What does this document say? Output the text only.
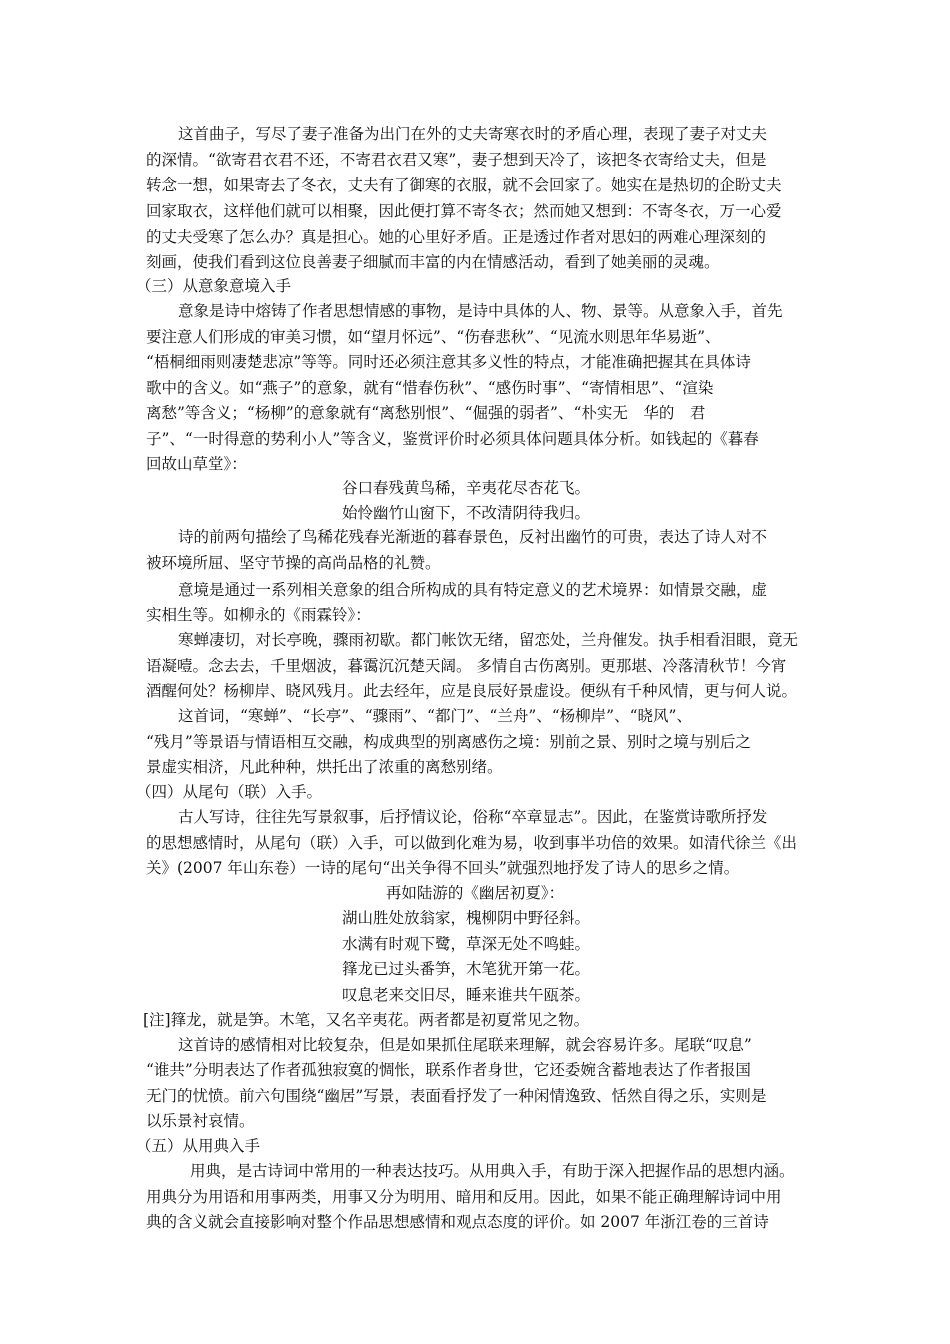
这首曲子，写尽了妻子准备为出门在外的丈夫寄寒衣时的矛盾心理，表现了妻子对丈夫
的深情。“欲寄君衣君不还，不寄君衣君又寒”，妻子想到天冷了，该把冬衣寄给丈夫，但是
转念一想，如果寄去了冬衣，丈夫有了御寒的衣服，就不会回家了。她实在是热切的企盼丈夫
回家取衣，这样他们就可以相聚，因此便打算不寄冬衣；然而她又想到：不寄冬衣，万一心爱
的丈夫受寒了怎么办？真是担心。她的心里好矛盾。正是透过作者对思妇的两难心理深刻的
刻画，使我们看到这位良善妻子细腻而丰富的内在情感活动，看到了她美丽的灵魂。
（三）从意象意境入手
意象是诗中熔铸了作者思想情感的事物，是诗中具体的人、物、景等。从意象入手，首先
要注意人们形成的审美习惯，如“望月怀远”、“伤春悲秋”、“见流水则思年华易逝”、
“梧桐细雨则凄楚悲凉”等等。同时还必须注意其多义性的特点，才能准确把握其在具体诗
歌中的含义。如“燕子”的意象，就有“惜春伤秋”、“感伤时事”、“寄情相思”、“渲染
离愁”等含义；“杨柳”的意象就有“离愁别恨”、“倔强的弱者”、“朴实无　华的　君
子”、“一时得意的势利小人”等含义，鉴赏评价时必须具体问题具体分析。如钱起的《暮春
回故山草堂》：
谷口春残黄鸟稀，辛夷花尽杏花飞。
始怜幽竹山窗下，不改清阴待我归。
诗的前两句描绘了鸟稀花残春光渐逝的暮春景色，反衬出幽竹的可贵，表达了诗人对不
被环境所屈、坚守节操的高尚品格的礼赞。
意境是通过一系列相关意象的组合所构成的具有特定意义的艺术境界：如情景交融，虚
实相生等。如柳永的《雨霖铃》：
寒蝉凄切，对长亭晚，骤雨初歇。都门帐饮无绪，留恋处，兰舟催发。执手相看泪眼，竟无
语凝噎。念去去，千里烟波，暮霭沉沉楚天阔。 多情自古伤离别。更那堪、冷落清秋节！今宵
酒醒何处？杨柳岸、晓风残月。此去经年，应是良辰好景虚设。便纵有千种风情，更与何人说。
这首词，“寒蝉”、“长亭”、“骤雨”、“都门”、“兰舟”、“杨柳岸”、“晓风”、
“残月”等景语与情语相互交融，构成典型的别离感伤之境：别前之景、别时之境与别后之
景虚实相济，凡此种种，烘托出了浓重的离愁别绪。
（四）从尾句（联）入手。
古人写诗，往往先写景叙事，后抒情议论，俗称“卒章显志”。因此，在鉴赏诗歌所抒发
的思想感情时，从尾句（联）入手，可以做到化难为易，收到事半功倍的效果。如清代徐兰《出
关》(2007 年山东卷）一诗的尾句“出关争得不回头”就强烈地抒发了诗人的思乡之情。
再如陆游的《幽居初夏》：
湖山胜处放翁家，槐柳阴中野径斜。
水满有时观下鹭，草深无处不鸣蛙。
箨龙已过头番笋，木笔犹开第一花。
叹息老来交旧尽，睡来谁共午瓯茶。
[注]箨龙，就是笋。木笔，又名辛夷花。两者都是初夏常见之物。
这首诗的感情相对比较复杂，但是如果抓住尾联来理解，就会容易许多。尾联“叹息”
“谁共”分明表达了作者孤独寂寞的惆怅，联系作者身世，它还委婉含蓄地表达了作者报国
无门的忧愤。前六句围绕“幽居”写景，表面看抒发了一种闲情逸致、恬然自得之乐，实则是
以乐景衬哀情。
（五）从用典入手
用典，是古诗词中常用的一种表达技巧。从用典入手，有助于深入把握作品的思想内涵。
用典分为用语和用事两类，用事又分为明用、暗用和反用。因此，如果不能正确理解诗词中用
典的含义就会直接影响对整个作品思想感情和观点态度的评价。如 2007 年浙江卷的三首诗
